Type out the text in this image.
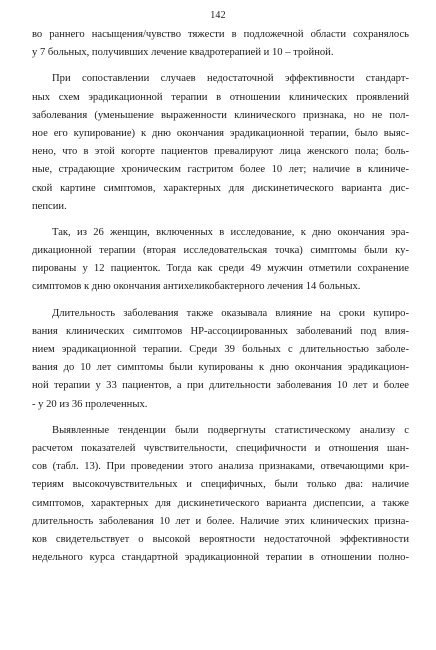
142
во раннего насыщения/чувство тяжести в подложечной области сохранялось
у 7 больных, получивших лечение квадротерапией и 10 – тройной.
При сопоставлении случаев недостаточной эффективности стандарт-
ных схем эрадикационной терапии в отношении клинических проявлений
заболевания (уменьшение выраженности клинического признака, но не пол-
ное его купирование) к дню окончания эрадикационной терапии, было выяс-
нено, что в этой когорте пациентов превалируют лица женского пола; боль-
ные, страдающие хроническим гастритом более 10 лет; наличие в клиниче-
ской картине симптомов, характерных для дискинетического варианта дис-
пепсии.
Так, из 26 женщин, включенных в исследование, к дню окончания эра-
дикационной терапии (вторая исследовательская точка) симптомы были ку-
пированы у 12 пациенток. Тогда как среди 49 мужчин отметили сохранение
симптомов к дню окончания антихеликобактерного лечения 14 больных.
Длительность заболевания также оказывала влияние на сроки купиро-
вания клинических симптомов HP-ассоциированных заболеваний под влия-
нием эрадикационной терапии. Среди 39 больных с длительностью заболе-
вания до 10 лет симптомы были купированы к дню окончания эрадикацион-
ной терапии у 33 пациентов, а при длительности заболевания 10 лет и более
- у 20 из 36 пролеченных.
Выявленные тенденции были подвергнуты статистическому анализу с
расчетом показателей чувствительности, специфичности и отношения шан-
сов (табл. 13). При проведении этого анализа признаками, отвечающими кри-
териям высокочувствительных и специфичных, были только два: наличие
симптомов, характерных для дискинетического варианта диспепсии, а также
длительность заболевания 10 лет и более. Наличие этих клинических призна-
ков свидетельствует о высокой вероятности недостаточной эффективности
недельного курса стандартной эрадикационной терапии в отношении полно-
